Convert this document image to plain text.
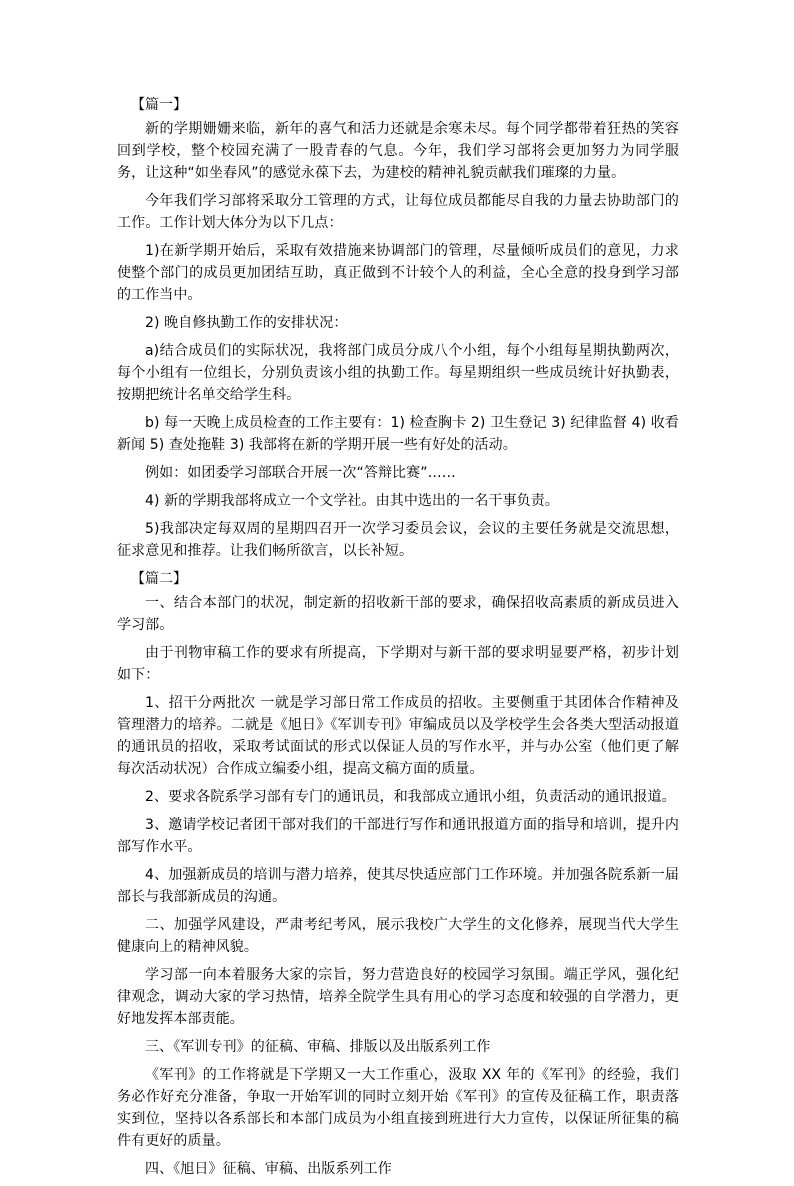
【篇一】

新的学期姗姗来临，新年的喜气和活力还就是余寒未尽。每个同学都带着狂热的笑容回到学校，整个校园充满了一股青春的气息。今年，我们学习部将会更加努力为同学服务，让这种“如坐春风”的感觉永葆下去，为建校的精神礼貌贡献我们璀璨的力量。

今年我们学习部将采取分工管理的方式，让每位成员都能尽自我的力量去协助部门的工作。工作计划大体分为以下几点：

1)在新学期开始后，采取有效措施来协调部门的管理，尽量倾听成员们的意见，力求使整个部门的成员更加团结互助，真正做到不计较个人的利益，全心全意的投身到学习部的工作当中。

2) 晚自修执勤工作的安排状况：

a)结合成员们的实际状况，我将部门成员分成八个小组，每个小组每星期执勤两次，每个小组有一位组长，分别负责该小组的执勤工作。每星期组织一些成员统计好执勤表，按期把统计名单交给学生科。

b) 每一天晚上成员检查的工作主要有：1) 检查胸卡 2) 卫生登记 3) 纪律监督 4) 收看新闻 5) 查处拖鞋 3) 我部将在新的学期开展一些有好处的活动。

例如：如团委学习部联合开展一次“答辩比赛”……

4) 新的学期我部将成立一个文学社。由其中选出的一名干事负责。

5)我部决定每双周的星期四召开一次学习委员会议，会议的主要任务就是交流思想，征求意见和推荐。让我们畅所欲言，以长补短。

【篇二】

一、结合本部门的状况，制定新的招收新干部的要求，确保招收高素质的新成员进入学习部。

由于刊物审稿工作的要求有所提高，下学期对与新干部的要求明显要严格，初步计划如下：

1、招干分两批次 一就是学习部日常工作成员的招收。主要侧重于其团体合作精神及管理潜力的培养。二就是《旭日》《军训专刊》审编成员以及学校学生会各类大型活动报道的通讯员的招收，采取考试面试的形式以保证人员的写作水平，并与办公室（他们更了解每次活动状况）合作成立编委小组，提高文稿方面的质量。

2、要求各院系学习部有专门的通讯员，和我部成立通讯小组，负责活动的通讯报道。

3、邀请学校记者团干部对我们的干部进行写作和通讯报道方面的指导和培训，提升内部写作水平。

4、加强新成员的培训与潜力培养，使其尽快适应部门工作环境。并加强各院系新一届部长与我部新成员的沟通。

二、加强学风建设，严肃考纪考风，展示我校广大学生的文化修养，展现当代大学生健康向上的精神风貌。

学习部一向本着服务大家的宗旨，努力营造良好的校园学习氛围。端正学风，强化纪律观念，调动大家的学习热情，培养全院学生具有用心的学习态度和较强的自学潜力，更好地发挥本部责能。

三、《军训专刊》的征稿、审稿、排版以及出版系列工作

《军刊》的工作将就是下学期又一大工作重心，汲取 XX 年的《军刊》的经验，我们务必作好充分准备，争取一开始军训的同时立刻开始《军刊》的宣传及征稿工作，职责落实到位，坚持以各系部长和本部门成员为小组直接到班进行大力宣传，以保证所征集的稿件有更好的质量。

四、《旭日》征稿、审稿、出版系列工作
